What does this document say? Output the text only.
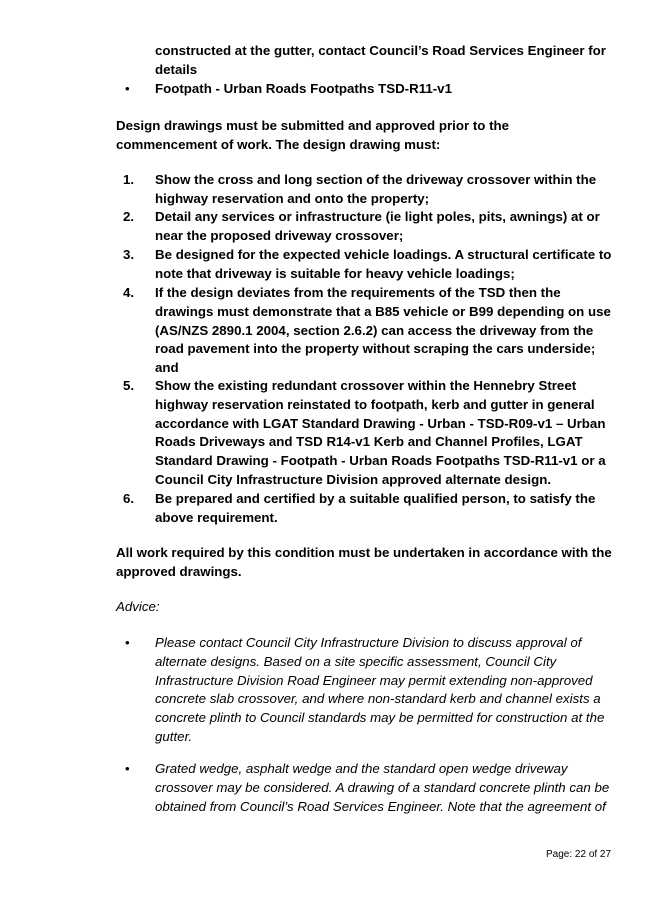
constructed at the gutter, contact Council’s Road Services Engineer for details

• Footpath - Urban Roads Footpaths TSD-R11-v1

Design drawings must be submitted and approved prior to the commencement of work. The design drawing must:

1. Show the cross and long section of the driveway crossover within the highway reservation and onto the property;

2. Detail any services or infrastructure (ie light poles, pits, awnings) at or near the proposed driveway crossover;

3. Be designed for the expected vehicle loadings. A structural certificate to note that driveway is suitable for heavy vehicle loadings;

4. If the design deviates from the requirements of the TSD then the drawings must demonstrate that a B85 vehicle or B99 depending on use (AS/NZS 2890.1 2004, section 2.6.2) can access the driveway from the road pavement into the property without scraping the cars underside; and

5. Show the existing redundant crossover within the Hennebry Street highway reservation reinstated to footpath, kerb and gutter in general accordance with LGAT Standard Drawing - Urban - TSD-R09-v1 – Urban Roads Driveways and TSD R14-v1 Kerb and Channel Profiles, LGAT Standard Drawing - Footpath - Urban Roads Footpaths TSD-R11-v1 or a Council City Infrastructure Division approved alternate design.

6. Be prepared and certified by a suitable qualified person, to satisfy the above requirement.

All work required by this condition must be undertaken in accordance with the approved drawings.

Advice:

• Please contact Council City Infrastructure Division to discuss approval of alternate designs. Based on a site specific assessment, Council City Infrastructure Division Road Engineer may permit extending non-approved concrete slab crossover, and where non-standard kerb and channel exists a concrete plinth to Council standards may be permitted for construction at the gutter.

• Grated wedge, asphalt wedge and the standard open wedge driveway crossover may be considered. A drawing of a standard concrete plinth can be obtained from Council’s Road Services Engineer. Note that the agreement of

Page: 22 of 27
